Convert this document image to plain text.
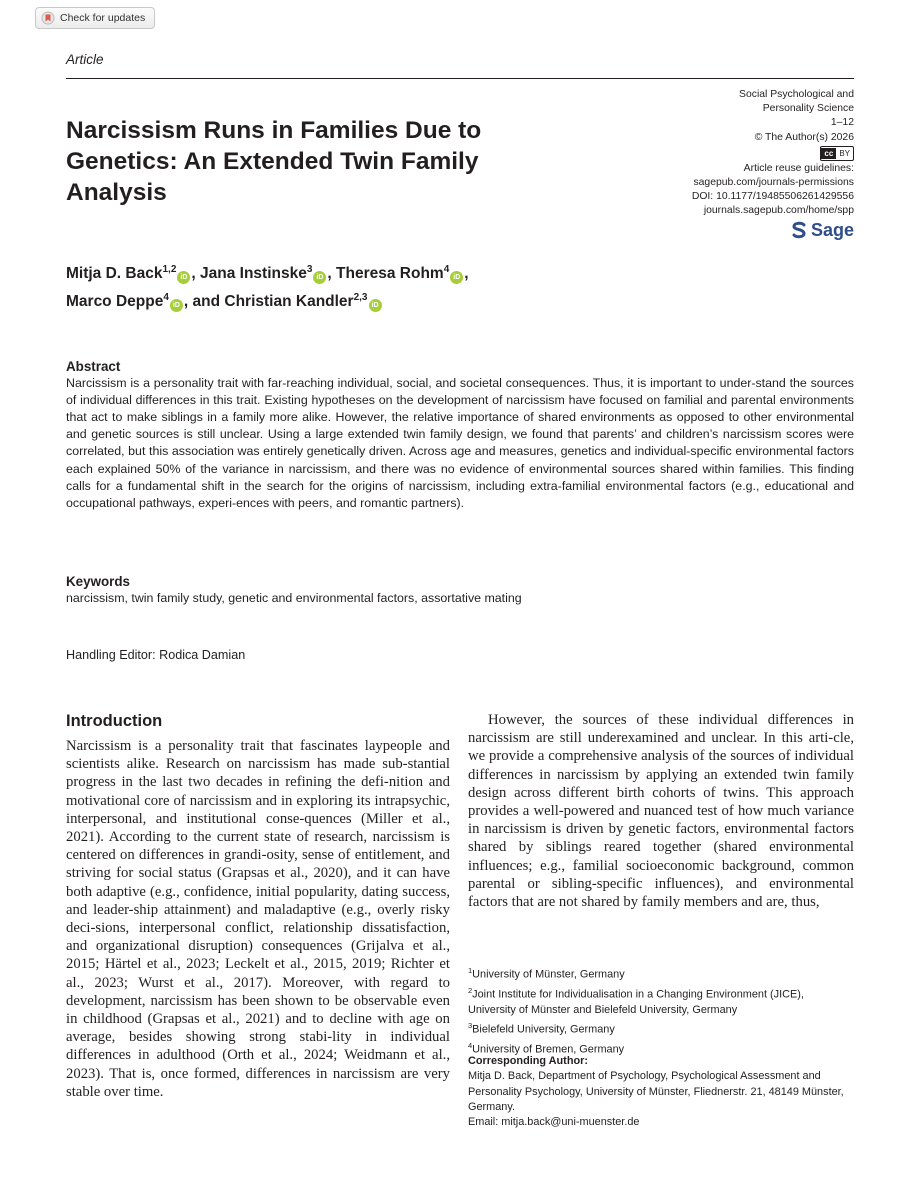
Check for updates
Article
Social Psychological and
Personality Science
1–12
© The Author(s) 2026
cc BY
Article reuse guidelines:
sagepub.com/journals-permissions
DOI: 10.1177/19485506261429556
journals.sagepub.com/home/spp
Sage
Narcissism Runs in Families Due to Genetics: An Extended Twin Family Analysis
Mitja D. Back$^{1,2}$iD , Jana Instinske$^3$iD , Theresa Rohm$^4$iD ,
Marco Deppe$^4$iD , and Christian Kandler$^{2,3}$iD

Abstract

Narcissism is a personality trait with far-reaching individual, social, and societal consequences. Thus, it is important to under-stand the sources of individual differences in this trait. Existing hypotheses on the development of narcissism have focused on familial and parental environments that act to make siblings in a family more alike. However, the relative importance of shared environments as opposed to other environmental and genetic sources is still unclear. Using a large extended twin family design, we found that parents’ and children’s narcissism scores were correlated, but this association was entirely genetically driven. Across age and measures, genetics and individual-specific environmental factors each explained 50% of the variance in narcissism, and there was no evidence of environmental sources shared within families. This finding calls for a fundamental shift in the search for the origins of narcissism, including extra-familial environmental factors (e.g., educational and occupational pathways, experi-ences with peers, and romantic partners).

Keywords

narcissism, twin family study, genetic and environmental factors, assortative mating

Handling Editor: Rodica Damian
Introduction

Narcissism is a personality trait that fascinates laypeople and scientists alike. Research on narcissism has made sub-stantial progress in the last two decades in refining the defi-nition and motivational core of narcissism and in exploring its intrapsychic, interpersonal, and institutional conse-quences (Miller et al., 2021). According to the current state of research, narcissism is centered on differences in grandi-osity, sense of entitlement, and striving for social status (Grapsas et al., 2020), and it can have both adaptive (e.g., confidence, initial popularity, dating success, and leader-ship attainment) and maladaptive (e.g., overly risky deci-sions, interpersonal conflict, relationship dissatisfaction, and organizational disruption) consequences (Grijalva et al., 2015; Härtel et al., 2023; Leckelt et al., 2015, 2019; Richter et al., 2023; Wurst et al., 2017). Moreover, with regard to development, narcissism has been shown to be observable even in childhood (Grapsas et al., 2021) and to decline with age on average, besides showing strong stabi-lity in individual differences in adulthood (Orth et al., 2024; Weidmann et al., 2023). That is, once formed, differences in narcissism are very stable over time.

However, the sources of these individual differences in narcissism are still underexamined and unclear. In this arti-cle, we provide a comprehensive analysis of the sources of individual differences in narcissism by applying an extended twin family design across different birth cohorts of twins. This approach provides a well-powered and nuanced test of how much variance in narcissism is driven by genetic factors, environmental factors shared by siblings reared together (shared environmental influences; e.g., familial socioeconomic background, common parental or sibling-specific influences), and environmental factors that are not shared by family members and are, thus,

$^1$University of Münster, Germany
$^2$Joint Institute for Individualisation in a Changing Environment (JICE), University of Münster and Bielefeld University, Germany
$^3$Bielefeld University, Germany
$^4$University of Bremen, Germany
Corresponding Author:
Mitja D. Back, Department of Psychology, Psychological Assessment and Personality Psychology, University of Münster, Fliednerstr. 21, 48149 Münster, Germany.
Email: mitja.back@uni-muenster.de
